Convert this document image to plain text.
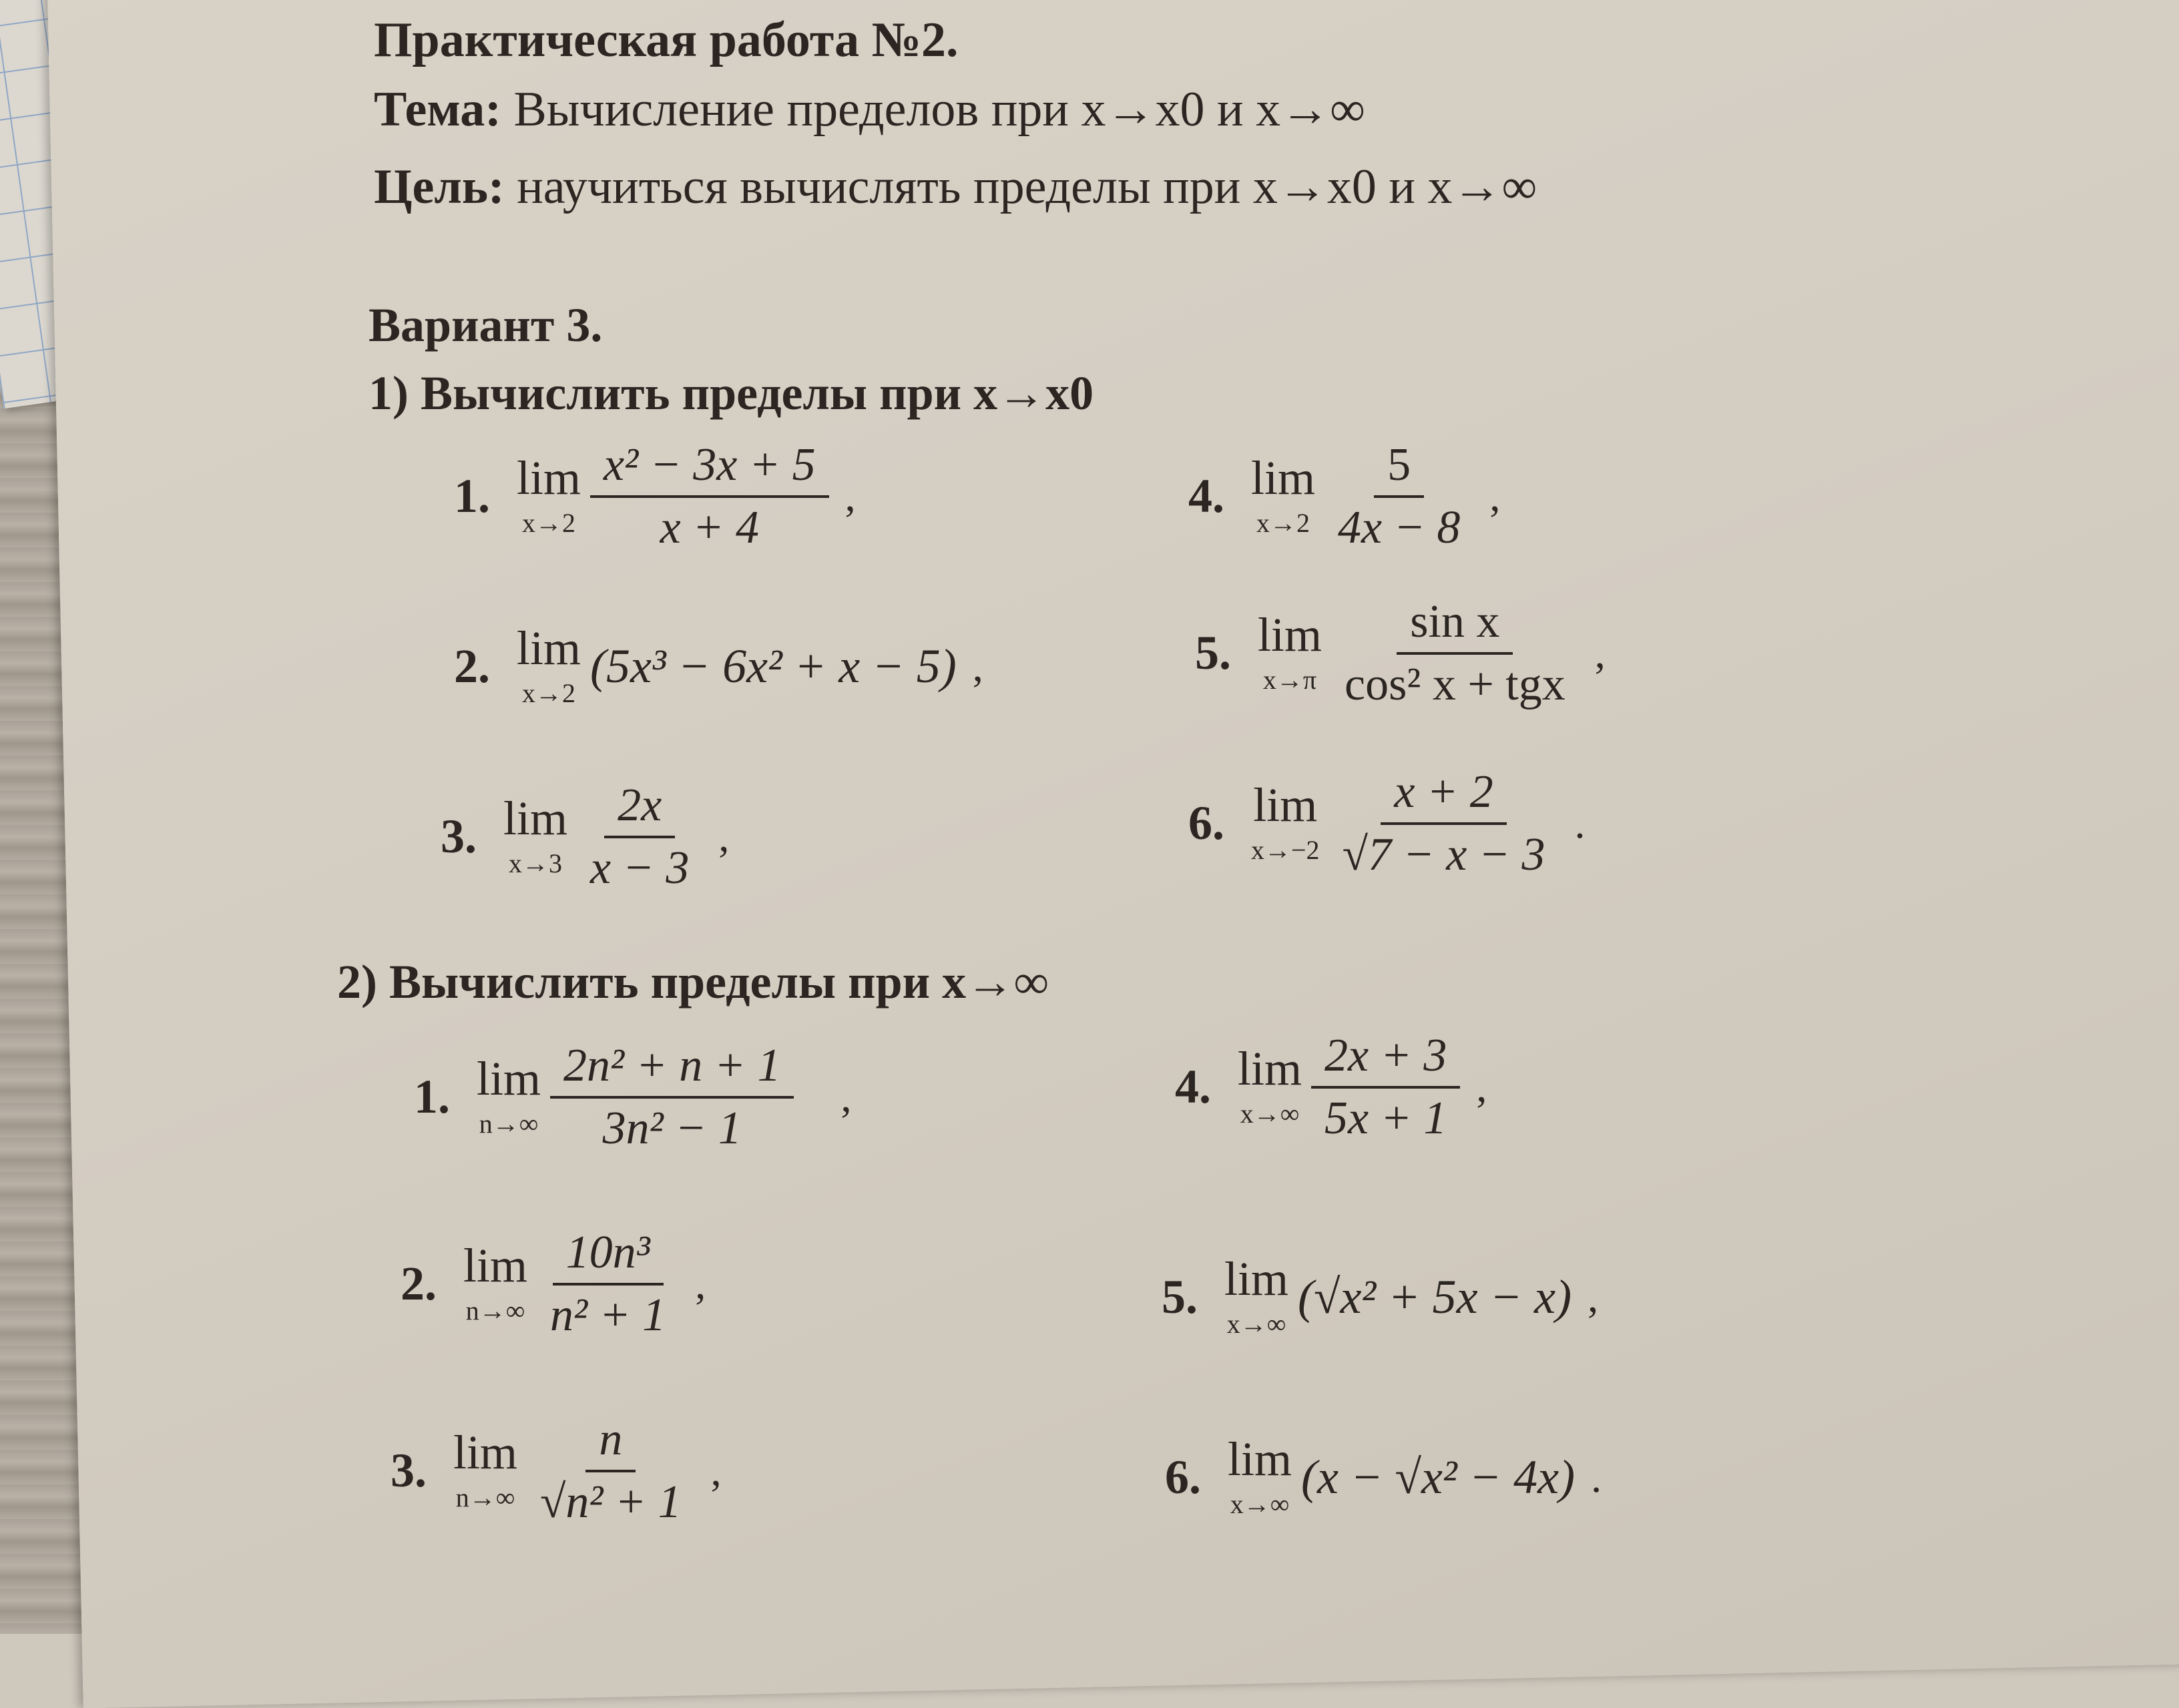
Практическая работа №2.
Тема: Вычисление пределов при x→x0 и x→∞
Цель: научиться вычислять пределы при x→x0 и x→∞
Вариант 3.
1) Вычислить пределы при x→x0
1. lim
$x\to 2 \frac{\text{x² − 3x + 5}}{x + 4}$ ,
2. lim
x→2
(5x³ − 6x² + x − 5) ,
3. lim
$x\to 3 \frac{2x}{x - 3}$ ,
4. lim
$x\to 2 \frac{5}{4x - 8}$ ,
5. lim
$x\to\pi \frac{\text{sin x}}{\text{cos² x + tgx}}$ ,
6. lim
$x\to-2 \frac{x + 2}{√7 - x - 3}$ .
2) Вычислить пределы при x→∞
1. lim
$n\to\infty \frac{\text{2n² + n + 1}}{\text{3n² − 1}}$ ,
2. lim
$n\to\infty \frac{\text{10n³}}{\text{n² + 1}}$ ,
3. lim
$n\to\infty \frac{n}{\text{√n² + 1}}$ ,
4. lim
$x\to\infty \frac{2x + 3}{5x + 1}$ ,
5. lim
x→∞
(√x² + 5x − x) ,
6. lim
x→∞
(x − √x² − 4x) .
